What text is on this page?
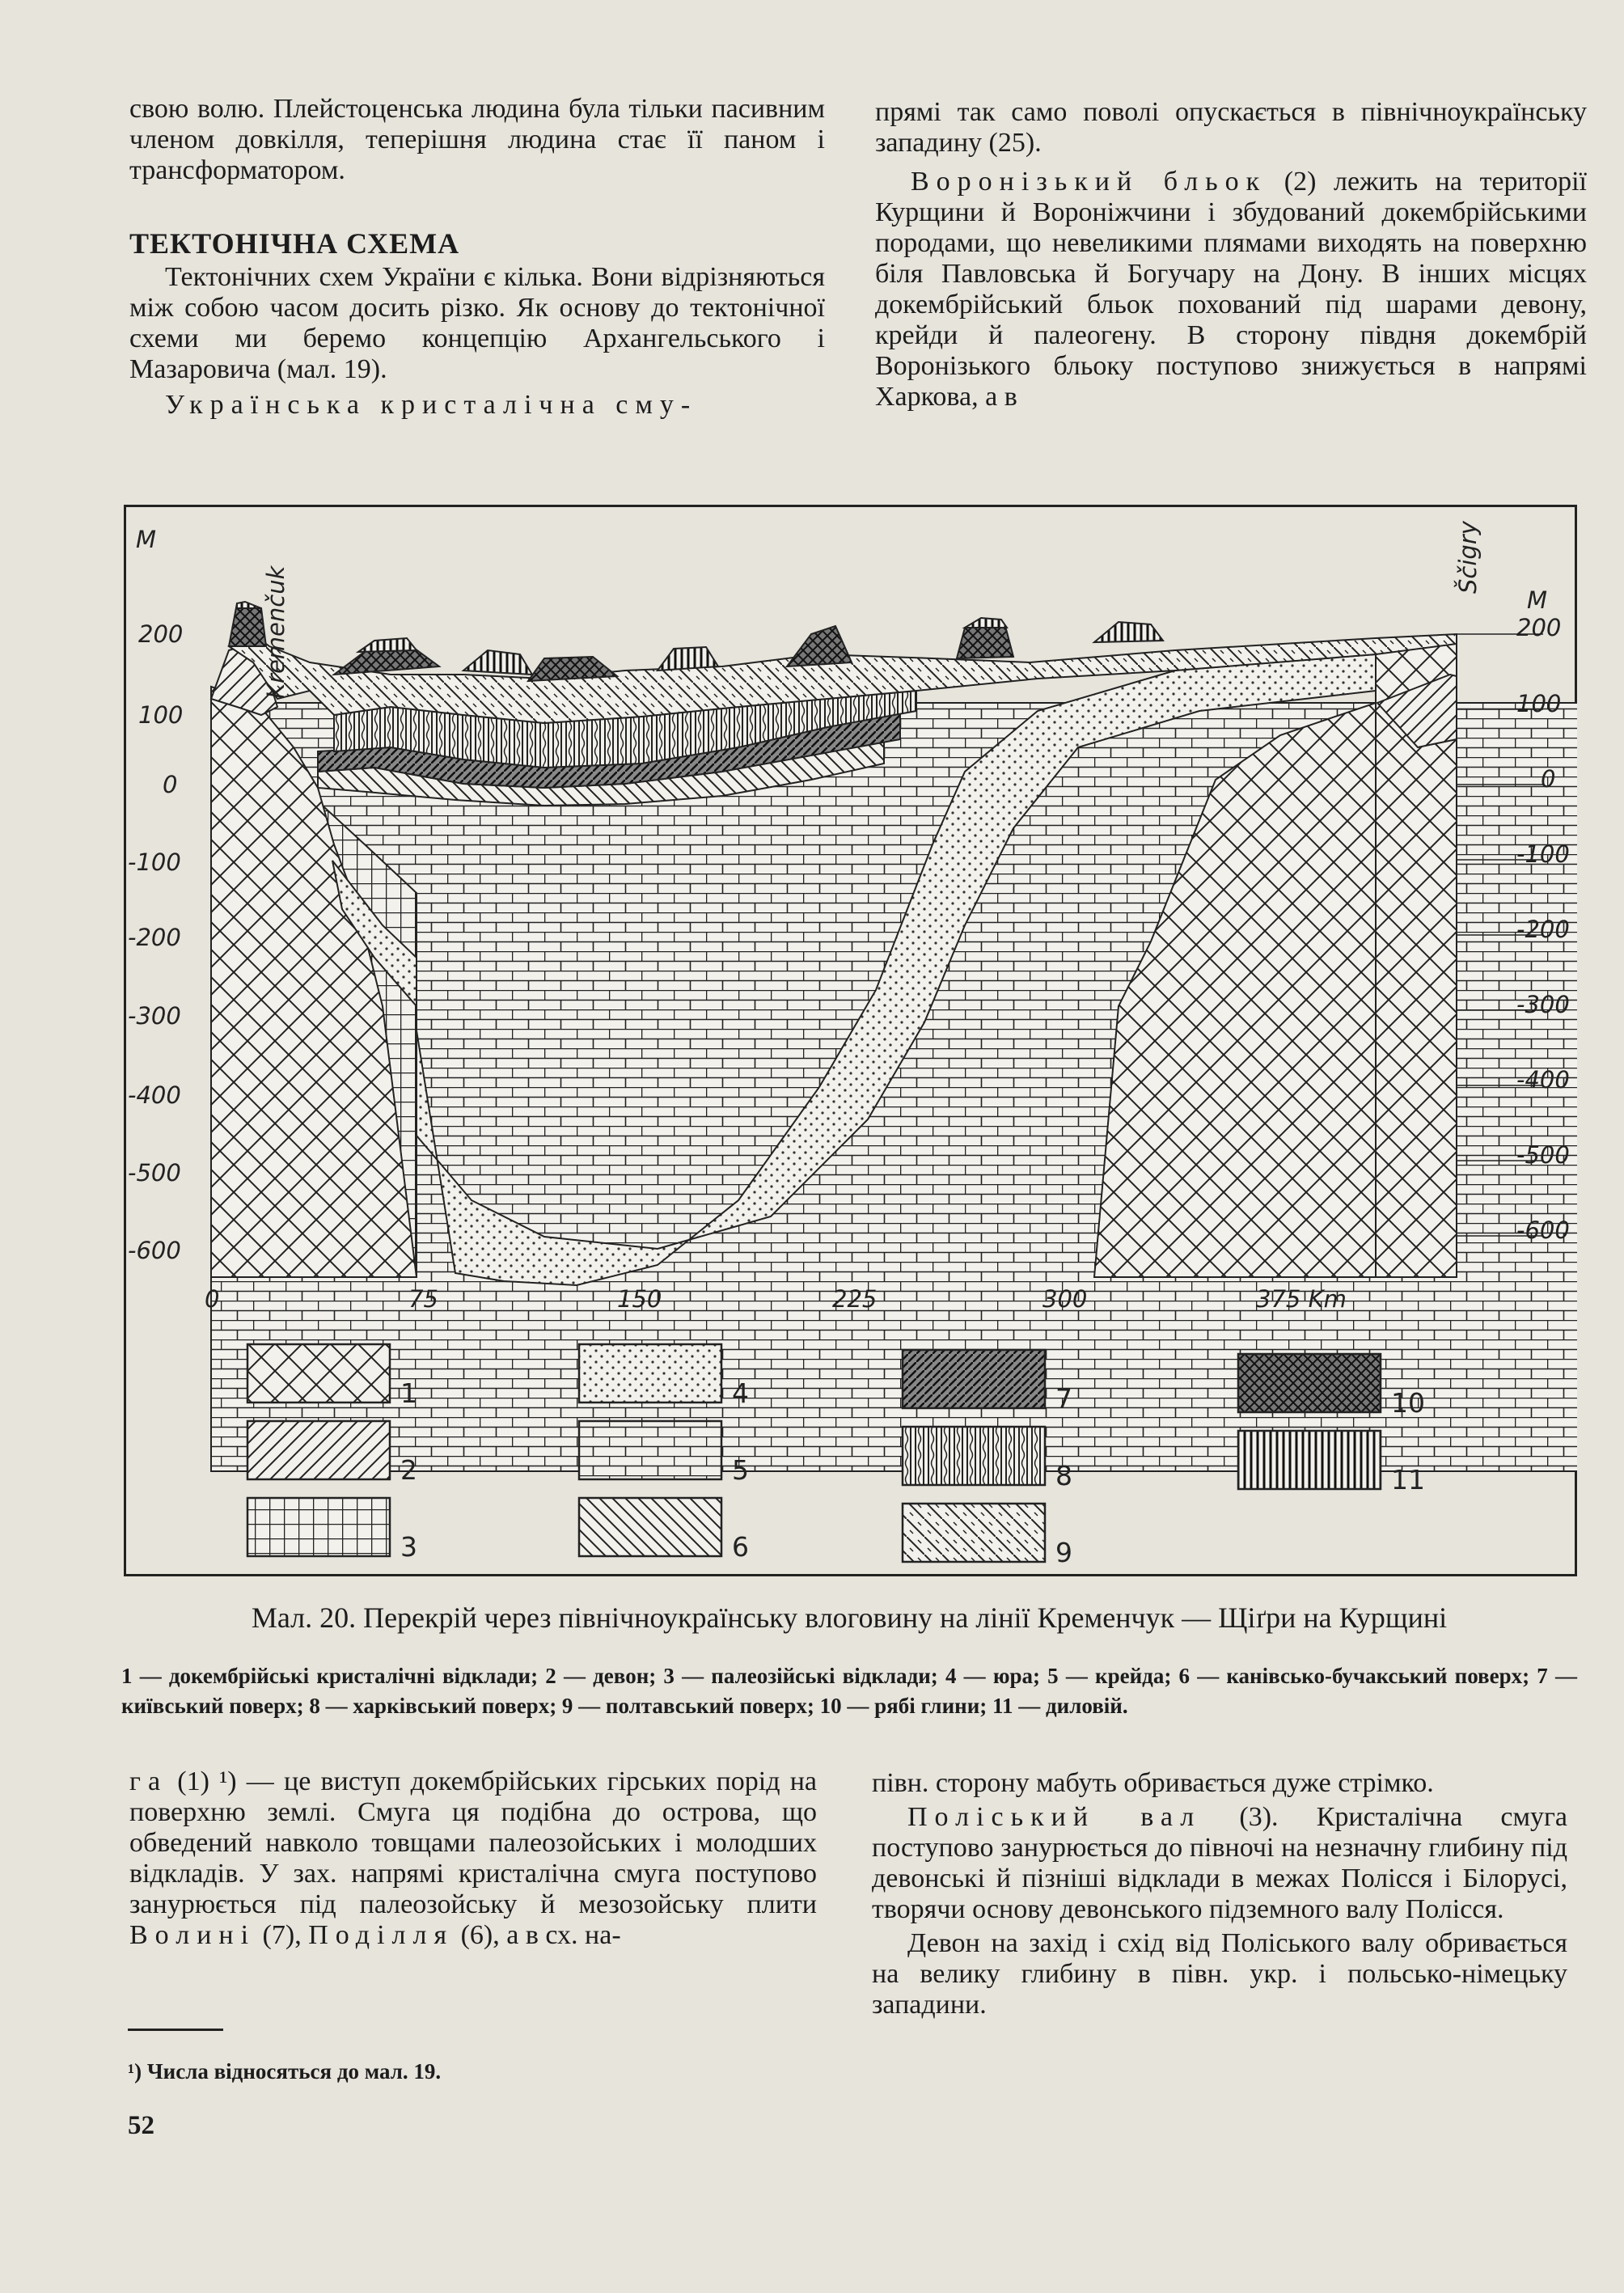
свою волю. Плейстоценська людина була тільки пасивним членом довкілля, теперішня людина стає її паном і трансформатором.

ТЕКТОНІЧНА СХЕМА

Тектонічних схем України є кілька. Вони відрізняються між собою часом досить різко. Як основу до тектонічної схеми ми беремо концепцію Архангельського і Мазаровича (мал. 19).

Українська кристалічна сму-

прямі так само поволі опускається в північноукраїнську западину (25).

Воронізький бльок (2) лежить на території Курщини й Вороніжчини і збудований докембрійськими породами, що невеликими плямами виходять на поверхню біля Павловська й Богучару на Дону. В інших місцях докембрійський бльок похований під шарами девону, крейди й палеогену. В сторону півдня докембрій Воронізького бльоку поступово знижується в напрямі Харкова, а в

M
200
100
0
-100
-200
-300
-400
-500
-600
M
200
100
0
-100
-200
-300
-400
-500
-600
0	75	150	225	300	375 Km
Kremenčuk
Ščigry
1
2
3
4
5
6
7
8
9
10
11
Мал. 20. Перекрій через північноукраїнську влоговину на лінії Кременчук — Щіґри на Курщині
1 — докембрійські кристалічні відклади; 2 — девон; 3 — палеозійські відклади; 4 — юра; 5 — крейда; 6 — канівсько-бучакський поверх; 7 — київський поверх; 8 — харківський поверх; 9 — полтавський поверх; 10 — рябі глини; 11 — диловій.

га (1) ¹) — це виступ докембрійських гірських порід на поверхню землі. Смуга ця подібна до острова, що обведений навколо товщами палеозойських і молодших відкладів. У зах. напрямі кристалічна смуга поступово занурюється під палеозойську й мезозойську плити Волині (7), Поділля (6), а в сх. на-

півн. сторону мабуть обривається дуже стрімко.

Поліський вал (3). Кристалічна смуга поступово занурюється до півночі на незначну глибину під девонські й пізніші відклади в межах Полісся і Білорусі, творячи основу девонського підземного валу Полісся.

Девон на захід і схід від Поліського валу обривається на велику глибину в півн. укр. і польсько-німецьку западини.

¹) Числа відносяться до мал. 19.
52
